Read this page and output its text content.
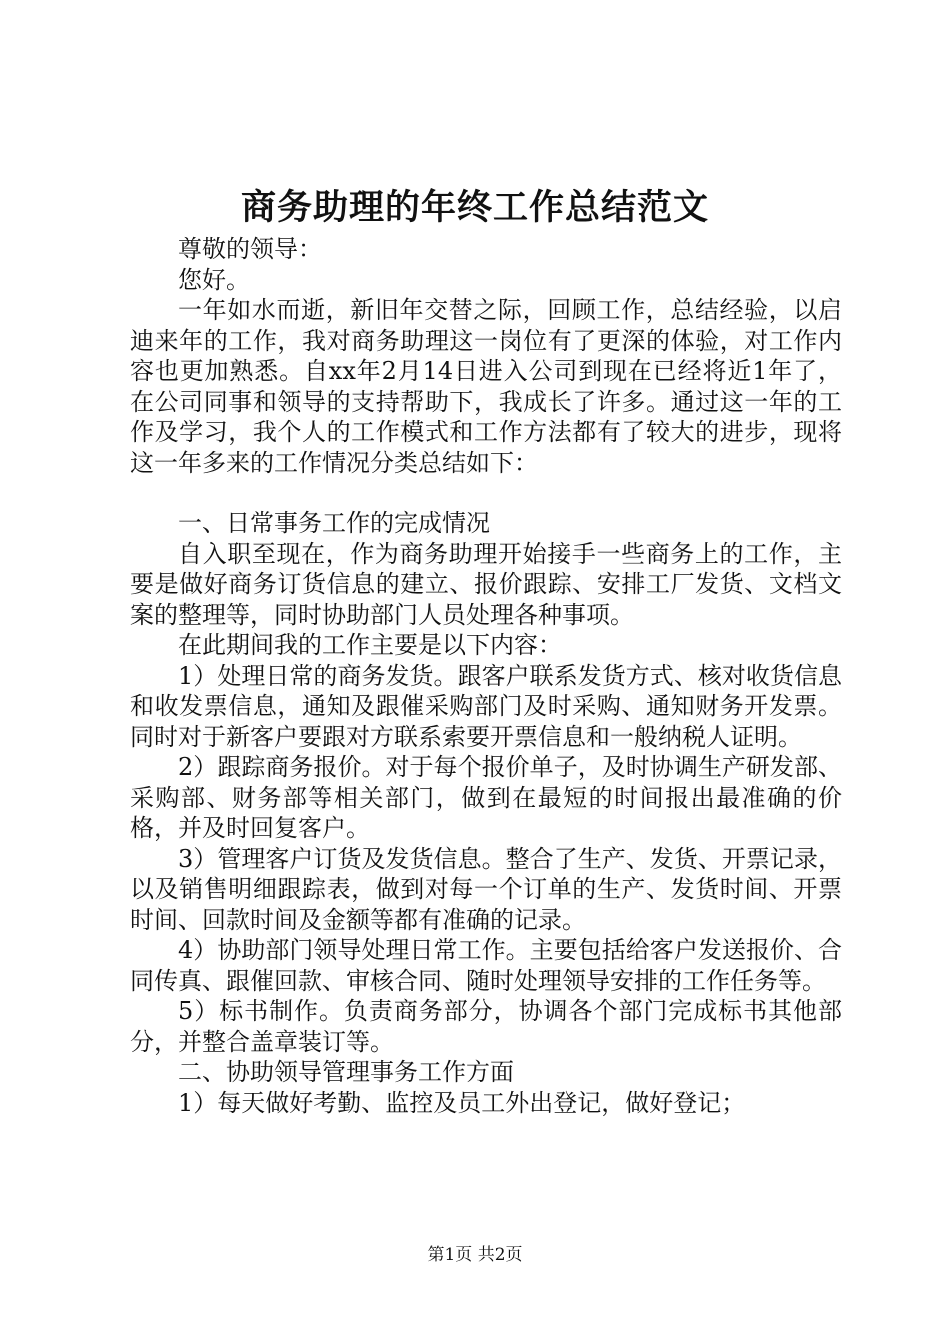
商务助理的年终工作总结范文

尊敬的领导：

您好。

一年如水而逝，新旧年交替之际，回顾工作，总结经验，以启迪来年的工作，我对商务助理这一岗位有了更深的体验，对工作内容也更加熟悉。自xx年2月14日进入公司到现在已经将近1年了，在公司同事和领导的支持帮助下，我成长了许多。通过这一年的工作及学习，我个人的工作模式和工作方法都有了较大的进步，现将这一年多来的工作情况分类总结如下：

一、日常事务工作的完成情况

自入职至现在，作为商务助理开始接手一些商务上的工作，主要是做好商务订货信息的建立、报价跟踪、安排工厂发货、文档文案的整理等，同时协助部门人员处理各种事项。

在此期间我的工作主要是以下内容：

1）处理日常的商务发货。跟客户联系发货方式、核对收货信息和收发票信息，通知及跟催采购部门及时采购、通知财务开发票。同时对于新客户要跟对方联系索要开票信息和一般纳税人证明。

2）跟踪商务报价。对于每个报价单子，及时协调生产研发部、采购部、财务部等相关部门，做到在最短的时间报出最准确的价格，并及时回复客户。

3）管理客户订货及发货信息。整合了生产、发货、开票记录，以及销售明细跟踪表，做到对每一个订单的生产、发货时间、开票时间、回款时间及金额等都有准确的记录。

4）协助部门领导处理日常工作。主要包括给客户发送报价、合同传真、跟催回款、审核合同、随时处理领导安排的工作任务等。

5）标书制作。负责商务部分，协调各个部门完成标书其他部分，并整合盖章装订等。

二、协助领导管理事务工作方面

1）每天做好考勤、监控及员工外出登记，做好登记；

第1页 共2页
